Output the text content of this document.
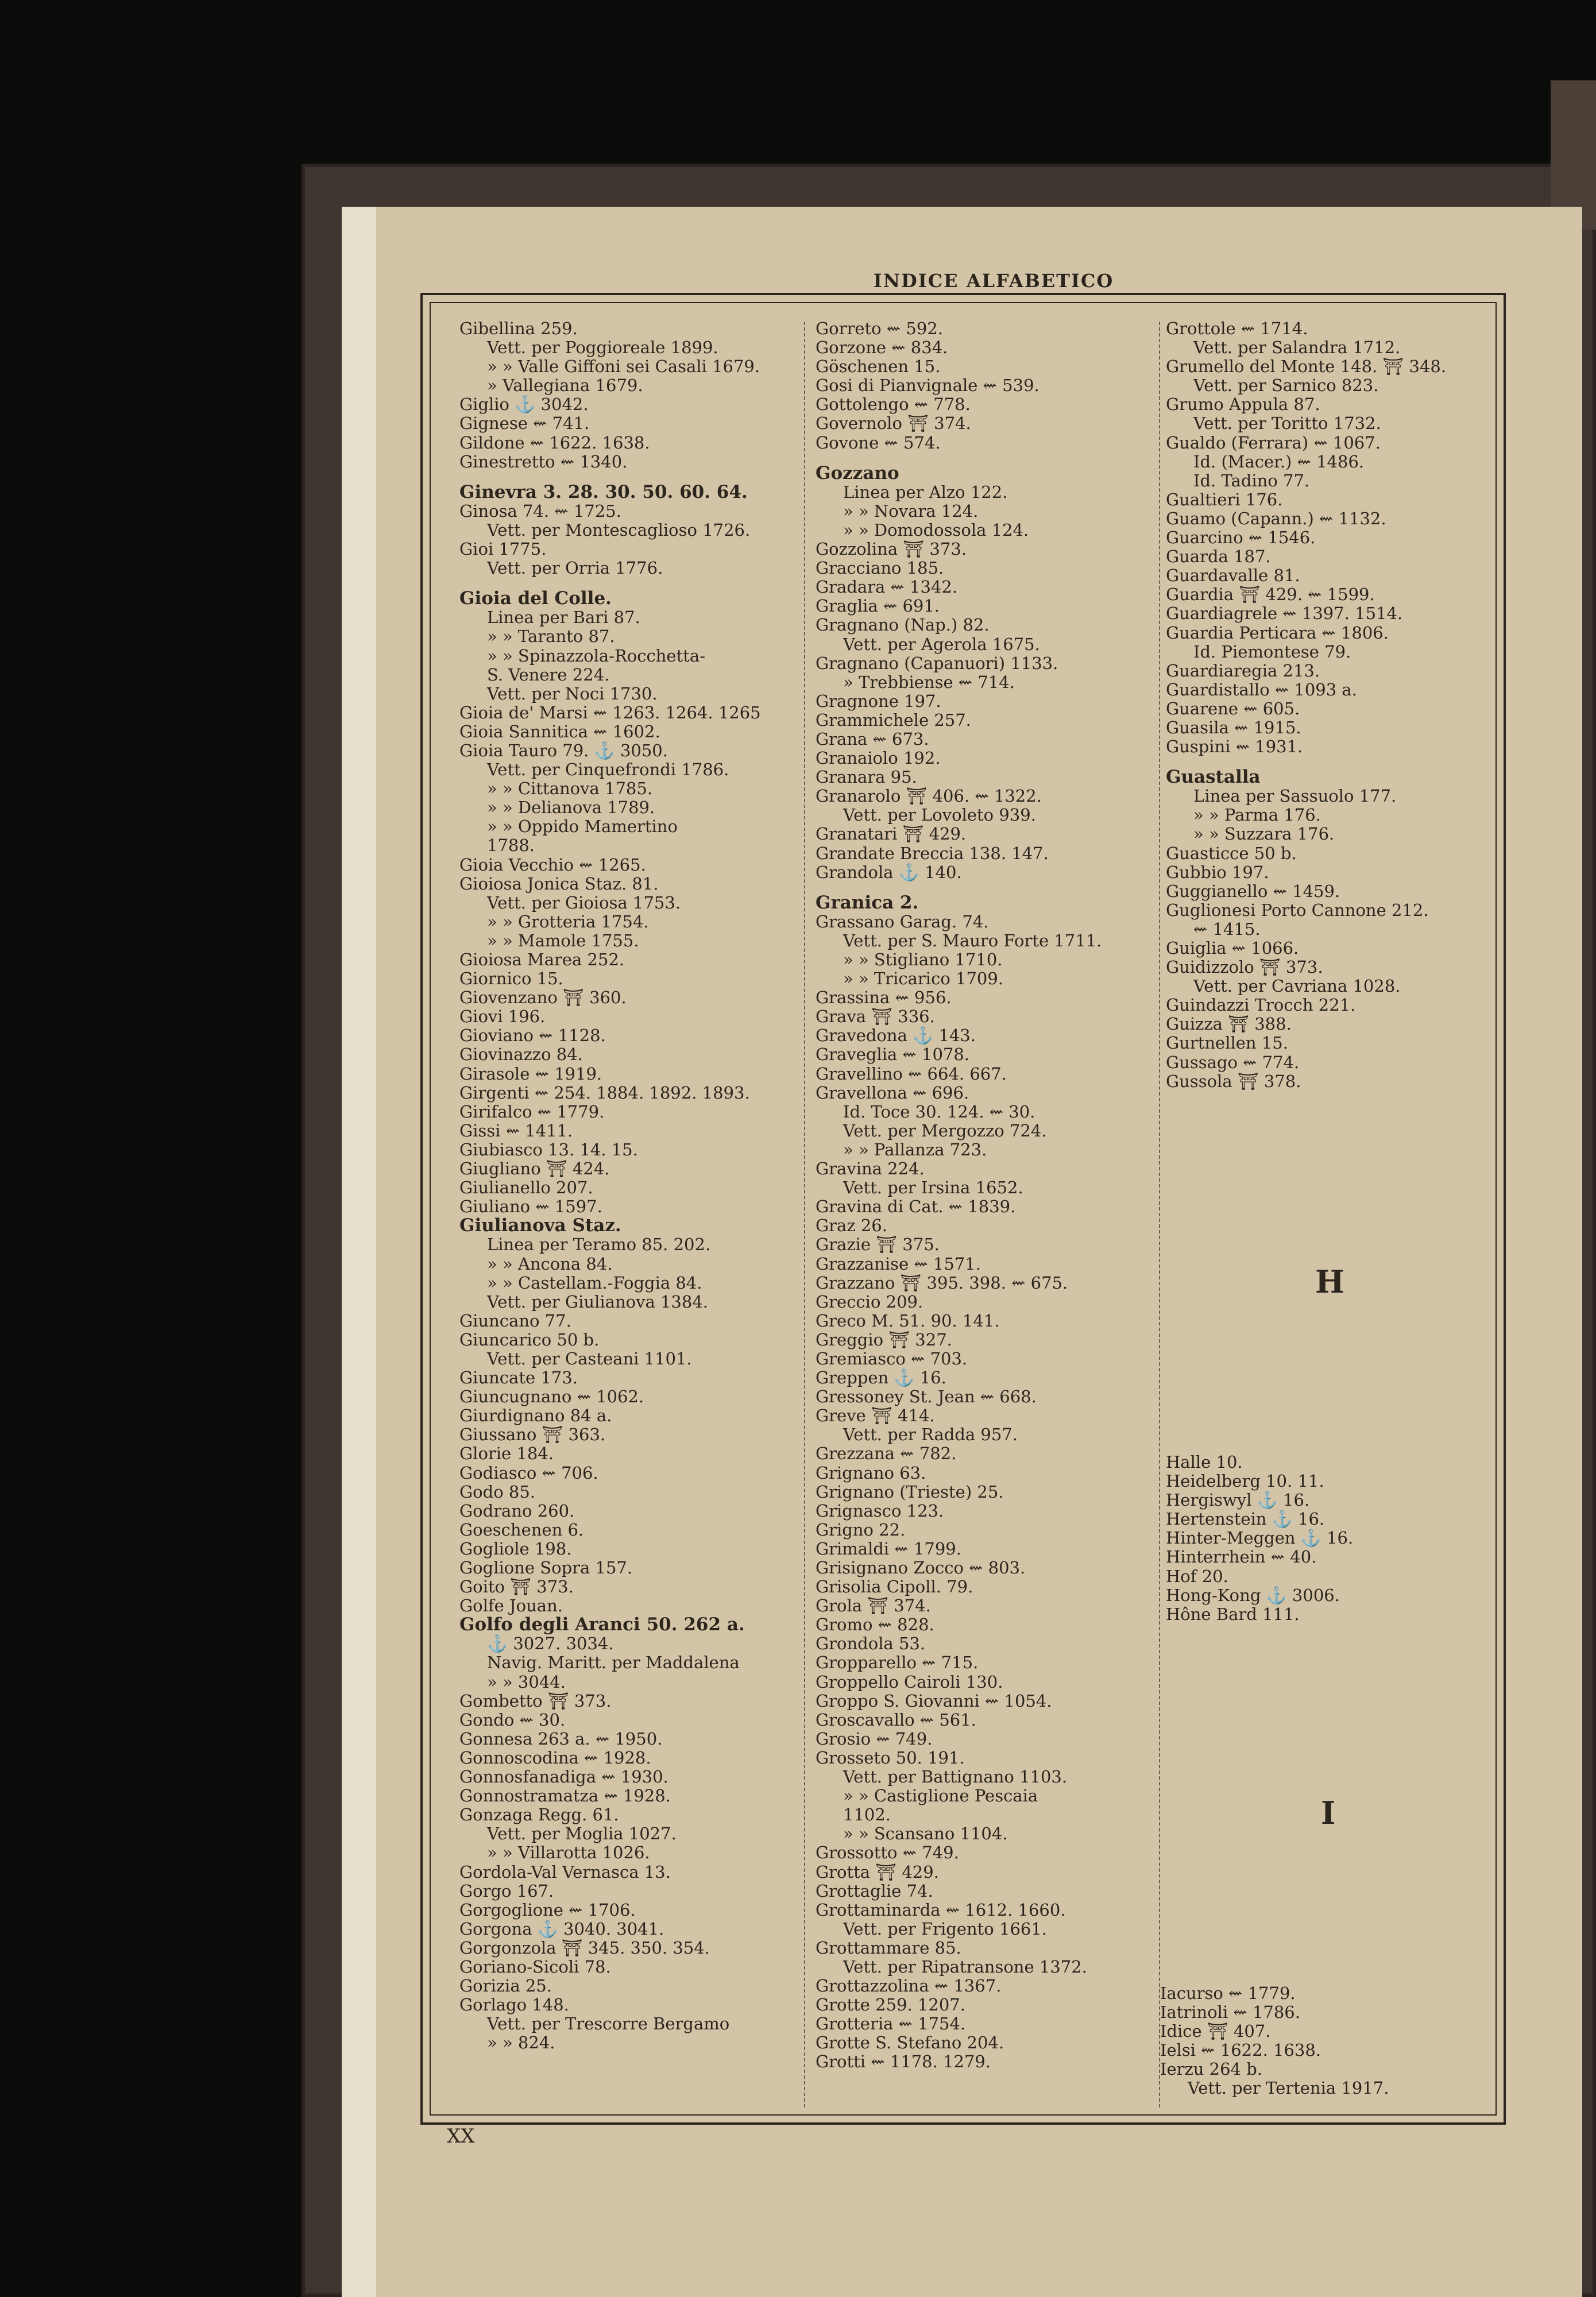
INDICE ALFABETICO
Gibellina 259.
Vett. per Poggioreale 1899.
» » Valle Giffoni sei Casali 1679.
» Vallegiana 1679.
Giglio ⚓ 3042.
Gignese ⇜ 741.
Gildone ⇜ 1622. 1638.
Ginestretto ⇜ 1340.
Ginevra 3. 28. 30. 50. 60. 64.
Ginosa 74. ⇜ 1725.
Vett. per Montescaglioso 1726.
Gioi 1775.
Vett. per Orria 1776.
Gioia del Colle.
Linea per Bari 87.
» » Taranto 87.
» » Spinazzola-Rocchetta-
S. Venere 224.
Vett. per Noci 1730.
Gioia de' Marsi ⇜ 1263. 1264. 1265
Gioia Sannitica ⇜ 1602.
Gioia Tauro 79. ⚓ 3050.
Vett. per Cinquefrondi 1786.
» » Cittanova 1785.
» » Delianova 1789.
» » Oppido Mamertino
1788.
Gioia Vecchio ⇜ 1265.
Gioiosa Jonica Staz. 81.
Vett. per Gioiosa 1753.
» » Grotteria 1754.
» » Mamole 1755.
Gioiosa Marea 252.
Giornico 15.
Giovenzano ⛩ 360.
Giovi 196.
Gioviano ⇜ 1128.
Giovinazzo 84.
Girasole ⇜ 1919.
Girgenti ⇜ 254. 1884. 1892. 1893.
Girifalco ⇜ 1779.
Gissi ⇜ 1411.
Giubiasco 13. 14. 15.
Giugliano ⛩ 424.
Giulianello 207.
Giuliano ⇜ 1597.
Giulianova Staz.
Linea per Teramo 85. 202.
» » Ancona 84.
» » Castellam.-Foggia 84.
Vett. per Giulianova 1384.
Giuncano 77.
Giuncarico 50 b.
Vett. per Casteani 1101.
Giuncate 173.
Giuncugnano ⇜ 1062.
Giurdignano 84 a.
Giussano ⛩ 363.
Glorie 184.
Godiasco ⇜ 706.
Godo 85.
Godrano 260.
Goeschenen 6.
Gogliole 198.
Goglione Sopra 157.
Goito ⛩ 373.
Golfe Jouan.
Golfo degli Aranci 50. 262 a.
⚓ 3027. 3034.
Navig. Maritt. per Maddalena
» » 3044.
Gombetto ⛩ 373.
Gondo ⇜ 30.
Gonnesa 263 a. ⇜ 1950.
Gonnoscodina ⇜ 1928.
Gonnosfanadiga ⇜ 1930.
Gonnostramatza ⇜ 1928.
Gonzaga Regg. 61.
Vett. per Moglia 1027.
» » Villarotta 1026.
Gordola-Val Vernasca 13.
Gorgo 167.
Gorgoglione ⇜ 1706.
Gorgona ⚓ 3040. 3041.
Gorgonzola ⛩ 345. 350. 354.
Goriano-Sicoli 78.
Gorizia 25.
Gorlago 148.
Vett. per Trescorre Bergamo
» » 824.
Gorreto ⇜ 592.
Gorzone ⇜ 834.
Göschenen 15.
Gosi di Pianvignale ⇜ 539.
Gottolengo ⇜ 778.
Governolo ⛩ 374.
Govone ⇜ 574.
Gozzano
Linea per Alzo 122.
» » Novara 124.
» » Domodossola 124.
Gozzolina ⛩ 373.
Gracciano 185.
Gradara ⇜ 1342.
Graglia ⇜ 691.
Gragnano (Nap.) 82.
Vett. per Agerola 1675.
Gragnano (Capanuori) 1133.
» Trebbiense ⇜ 714.
Gragnone 197.
Grammichele 257.
Grana ⇜ 673.
Granaiolo 192.
Granara 95.
Granarolo ⛩ 406. ⇜ 1322.
Vett. per Lovoleto 939.
Granatari ⛩ 429.
Grandate Breccia 138. 147.
Grandola ⚓ 140.
Granica 2.
Grassano Garag. 74.
Vett. per S. Mauro Forte 1711.
» » Stigliano 1710.
» » Tricarico 1709.
Grassina ⇜ 956.
Grava ⛩ 336.
Gravedona ⚓ 143.
Graveglia ⇜ 1078.
Gravellino ⇜ 664. 667.
Gravellona ⇜ 696.
Id. Toce 30. 124. ⇜ 30.
Vett. per Mergozzo 724.
» » Pallanza 723.
Gravina 224.
Vett. per Irsina 1652.
Gravina di Cat. ⇜ 1839.
Graz 26.
Grazie ⛩ 375.
Grazzanise ⇜ 1571.
Grazzano ⛩ 395. 398. ⇜ 675.
Greccio 209.
Greco M. 51. 90. 141.
Greggio ⛩ 327.
Gremiasco ⇜ 703.
Greppen ⚓ 16.
Gressoney St. Jean ⇜ 668.
Greve ⛩ 414.
Vett. per Radda 957.
Grezzana ⇜ 782.
Grignano 63.
Grignano (Trieste) 25.
Grignasco 123.
Grigno 22.
Grimaldi ⇜ 1799.
Grisignano Zocco ⇜ 803.
Grisolia Cipoll. 79.
Grola ⛩ 374.
Gromo ⇜ 828.
Grondola 53.
Gropparello ⇜ 715.
Groppello Cairoli 130.
Groppo S. Giovanni ⇜ 1054.
Groscavallo ⇜ 561.
Grosio ⇜ 749.
Grosseto 50. 191.
Vett. per Battignano 1103.
» » Castiglione Pescaia
1102.
» » Scansano 1104.
Grossotto ⇜ 749.
Grotta ⛩ 429.
Grottaglie 74.
Grottaminarda ⇜ 1612. 1660.
Vett. per Frigento 1661.
Grottammare 85.
Vett. per Ripatransone 1372.
Grottazzolina ⇜ 1367.
Grotte 259. 1207.
Grotteria ⇜ 1754.
Grotte S. Stefano 204.
Grotti ⇜ 1178. 1279.
Grottole ⇜ 1714.
Vett. per Salandra 1712.
Grumello del Monte 148. ⛩ 348.
Vett. per Sarnico 823.
Grumo Appula 87.
Vett. per Toritto 1732.
Gualdo (Ferrara) ⇜ 1067.
Id. (Macer.) ⇜ 1486.
Id. Tadino 77.
Gualtieri 176.
Guamo (Capann.) ⇜ 1132.
Guarcino ⇜ 1546.
Guarda 187.
Guardavalle 81.
Guardia ⛩ 429. ⇜ 1599.
Guardiagrele ⇜ 1397. 1514.
Guardia Perticara ⇜ 1806.
Id. Piemontese 79.
Guardiaregia 213.
Guardistallo ⇜ 1093 a.
Guarene ⇜ 605.
Guasila ⇜ 1915.
Guspini ⇜ 1931.
Guastalla
Linea per Sassuolo 177.
» » Parma 176.
» » Suzzara 176.
Guasticce 50 b.
Gubbio 197.
Guggianello ⇜ 1459.
Guglionesi Porto Cannone 212.
⇜ 1415.
Guiglia ⇜ 1066.
Guidizzolo ⛩ 373.
Vett. per Cavriana 1028.
Guindazzi Trocch 221.
Guizza ⛩ 388.
Gurtnellen 15.
Gussago ⇜ 774.
Gussola ⛩ 378.
H
Halle 10.
Heidelberg 10. 11.
Hergiswyl ⚓ 16.
Hertenstein ⚓ 16.
Hinter-Meggen ⚓ 16.
Hinterrhein ⇜ 40.
Hof 20.
Hong-Kong ⚓ 3006.
Hône Bard 111.
I
Iacurso ⇜ 1779.
Iatrinoli ⇜ 1786.
Idice ⛩ 407.
Ielsi ⇜ 1622. 1638.
Ierzu 264 b.
Vett. per Tertenia 1917.
XX
